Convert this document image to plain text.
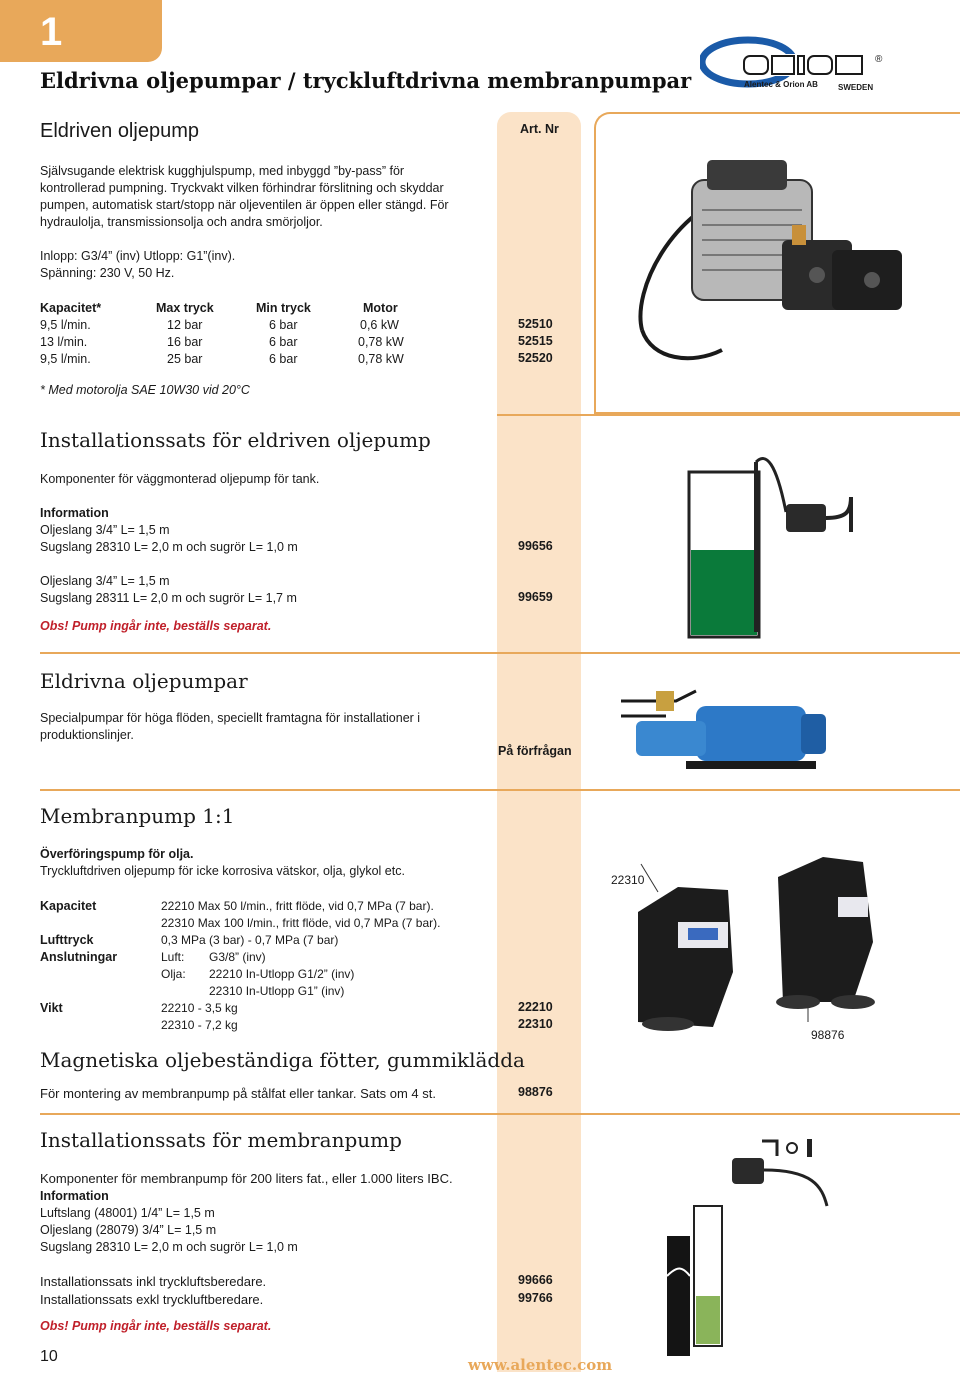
1
Eldrivna oljepumpar / tryckluftdrivna membranpumpar
®
Alentec & Orion AB	SWEDEN
Art. Nr
Eldriven oljepump
Självsugande elektrisk kugghjulspump, med inbyggd ”by-pass” för
kontrollerad pumpning. Tryckvakt vilken förhindrar förslitning och skyddar
pumpen, automatisk start/stopp när oljeventilen är öppen eller stängd. För
hydraulolja, transmissionsolja och andra smörjoljor.
Inlopp: G3/4” (inv) Utlopp: G1”(inv).
Spänning: 230 V, 50 Hz.
Kapacitet*	Max tryck	Min tryck	Motor
9,5 l/min.	12 bar	6 bar	0,6 kW	52510
13 l/min.	16 bar	6 bar	0,78 kW	52515
9,5 l/min.	25 bar	6 bar	0,78 kW	52520
* Med motorolja SAE 10W30 vid 20°C
Installationssats för eldriven oljepump
Komponenter för väggmonterad oljepump för tank.
Information
Oljeslang 3/4” L= 1,5 m
Sugslang 28310 L= 2,0 m och sugrör L= 1,0 m	99656
Oljeslang 3/4” L= 1,5 m
Sugslang 28311 L= 2,0 m och sugrör L= 1,7 m	99659
Obs! Pump ingår inte, beställs separat.
Eldrivna oljepumpar
Specialpumpar för höga flöden, speciellt framtagna för installationer i
produktionslinjer.
På förfrågan
Membranpump 1:1
Överföringspump för olja.
Tryckluftdriven oljepump för icke korrosiva vätskor, olja, glykol etc.
Kapacitet	22210 Max 50 l/min., fritt flöde, vid 0,7 MPa (7 bar).
22310 Max 100 l/min., fritt flöde, vid 0,7 MPa (7 bar).
Lufttryck	0,3 MPa (3 bar) - 0,7 MPa (7 bar)
Anslutningar	Luft: G3/8” (inv)
Olja: 22210 In-Utlopp G1/2” (inv)
22310 In-Utlopp G1” (inv)
Vikt	22210 - 3,5 kg
22310 - 7,2 kg
22210
22310
22310
98876
Magnetiska oljebeständiga fötter, gummiklädda
För montering av membranpump på stålfat eller tankar. Sats om 4 st.	98876
Installationssats för membranpump
Komponenter för membranpump för 200 liters fat., eller 1.000 liters IBC.
Information
Luftslang (48001) 1/4” L= 1,5 m
Oljeslang (28079) 3/4” L= 1,5 m
Sugslang 28310 L= 2,0 m och sugrör L= 1,0 m
Installationssats inkl tryckluftsberedare.	99666
Installationssats exkl tryckluftberedare.	99766
Obs! Pump ingår inte, beställs separat.
10	www.alentec.com
